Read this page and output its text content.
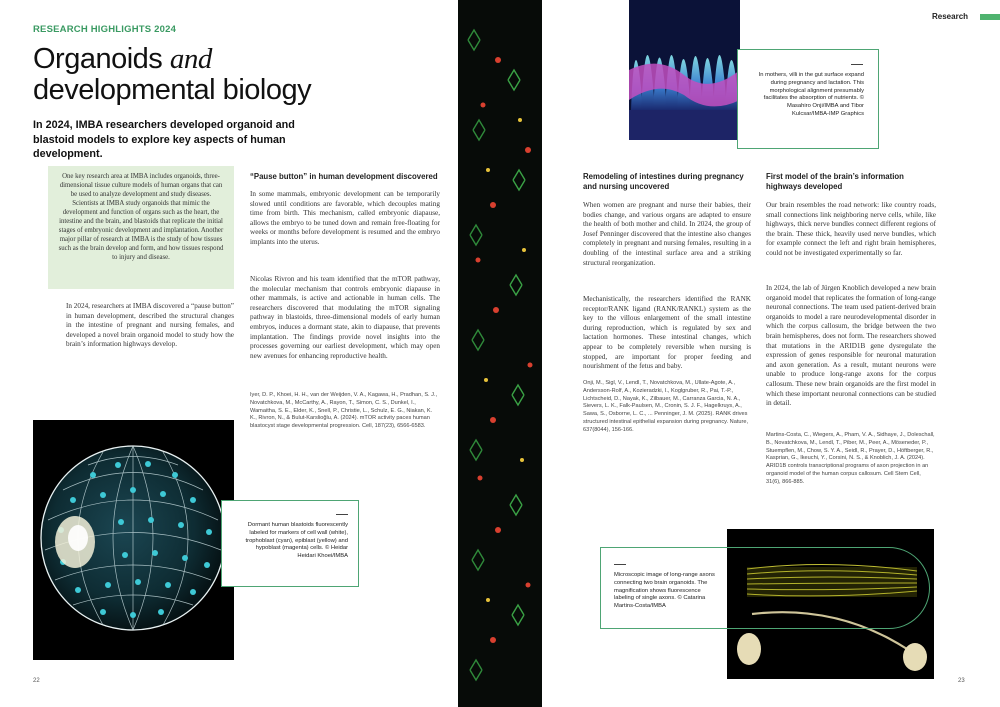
RESEARCH HIGHLIGHTS 2024
Organoids and
developmental biology
In 2024, IMBA researchers developed organoid and blastoid models to explore key aspects of human development.

One key research area at IMBA includes organoids, three-dimensional tissue culture models of human organs that can be used to analyze development and study diseases. Scientists at IMBA study organoids that mimic the development and function of organs such as the heart, the intestine and the brain, and blastoids that replicate the initial stages of embryonic development and implantation. Another major pillar of research at IMBA is the study of how tissues such as the brain develop and form, and how tissues respond to injury and disease.

In 2024, researchers at IMBA discovered a “pause button” in human development, described the structural changes in the intestine of pregnant and nursing females, and developed a novel brain organoid model to study how the brain’s information highways develop.
Dormant human blastoids fluorescently labeled for markers of cell wall (white), trophoblast (cyan), epiblast (yellow) and hypoblast (magenta) cells. © Heidar Heidari Khoei/IMBA
“Pause button” in human development discovered
In some mammals, embryonic development can be temporarily slowed until conditions are favorable, which decouples mating time from birth. This mechanism, called embryonic diapause, allows the embryo to be tuned down and remain free-floating for weeks or months before development is resumed and the embryo implants into the uterus.
Nicolas Rivron and his team identified that the mTOR pathway, the molecular mechanism that controls embryonic diapause in other mammals, is active and actionable in human cells. The researchers discovered that modulating the mTOR signaling pathway in blastoids, three-dimensional models of early human embryos, induces a dormant state, akin to diapause, that prevents implantation. The findings provide novel insights into the processes governing our earliest development, which may open new avenues for enhancing reproductive health.
Iyer, D. P., Khoei, H. H., van der Weijden, V. A., Kagawa, H., Pradhan, S. J., Novatchkova, M., McCarthy, A., Rayon, T., Simon, C. S., Dunkel, I., Wamaitha, S. E., Elder, K., Snell, P., Christie, L., Schulz, E. G., Niakan, K. K., Rivron, N., & Bulut-Karslioğlu, A. (2024). mTOR activity paces human blastocyst stage developmental progression. Cell, 187(23), 6566-6583.
22
Research
In mothers, villi in the gut surface expand during pregnancy and lactation. This morphological alignment presumably facilitates the absorption of nutrients. © Masahiro Onji/IMBA and Tibor Kulcsar/IMBA-IMP Graphics
Remodeling of intestines during pregnancy and nursing uncovered
When women are pregnant and nurse their babies, their bodies change, and various organs are adapted to ensure the health of both mother and child. In 2024, the group of Josef Penninger discovered that the intestine also changes completely in pregnant and nursing females, resulting in a doubling of the intestinal surface area and a striking structural reorganization.
Mechanistically, the researchers identified the RANK receptor/RANK ligand (RANK/RANKL) system as the key to the villous enlargement of the small intestine during reproduction, which is regulated by sex and lactation hormones. These intestinal changes, which appear to be completely reversible when nursing is stopped, are important for proper feeding and nourishment of the fetus and baby.
Onji, M., Sigl, V., Lendl, T., Novatchkova, M., Ullate-Agote, A., Andersson-Rolf, A., Kozieradzki, I., Koglgruber, R., Pai, T.-P., Lichtscheid, D., Nayak, K., Zilbauer, M., Carranza Garcia, N. A., Sievers, L. K., Falk-Paulsen, M., Cronin, S. J. F., Hagelkruys, A., Sawa, S., Osborne, L. C., ... Penninger, J. M. (2025). RANK drives structured intestinal epithelial expansion during pregnancy. Nature, 637(8044), 156-166.
First model of the brain’s information highways developed
Our brain resembles the road network: like country roads, small connections link neighboring nerve cells, while, like highways, thick nerve bundles connect different regions of the brain. These thick, heavily used nerve bundles, which for example connect the left and right brain hemispheres, could not be investigated experimentally so far.
In 2024, the lab of Jürgen Knoblich developed a new brain organoid model that replicates the formation of long-range neuronal connections. The team used patient-derived brain organoids to model a rare neurodevelopmental disorder in which the corpus callosum, the bridge between the two brain hemispheres, does not form. The researchers showed that mutations in the ARID1B gene dysregulate the expression of genes responsible for neuronal maturation and axon generation. As a result, mutant neurons were unable to produce long-range axons for the corpus callosum. These new brain organoids are the first model in which these important neuronal connections can be studied in detail.
Martins-Costa, C., Wiegers, A., Pham, V. A., Sidhaye, J., Doleschall, B., Novatchkova, M., Lendl, T., Piber, M., Peer, A., Möseneder, P., Stuempflen, M., Chow, S. Y. A., Seidl, R., Prayer, D., Höftberger, R., Kasprian, G., Ikeuchi, Y., Corsini, N. S., & Knoblich, J. A. (2024). ARID1B controls transcriptional programs of axon projection in an organoid model of the human corpus callosum. Cell Stem Cell, 31(6), 866-885.
Microscopic image of long-range axons connecting two brain organoids. The magnification shows fluorescence labeling of single axons. © Catarina Martins-Costa/IMBA
23
